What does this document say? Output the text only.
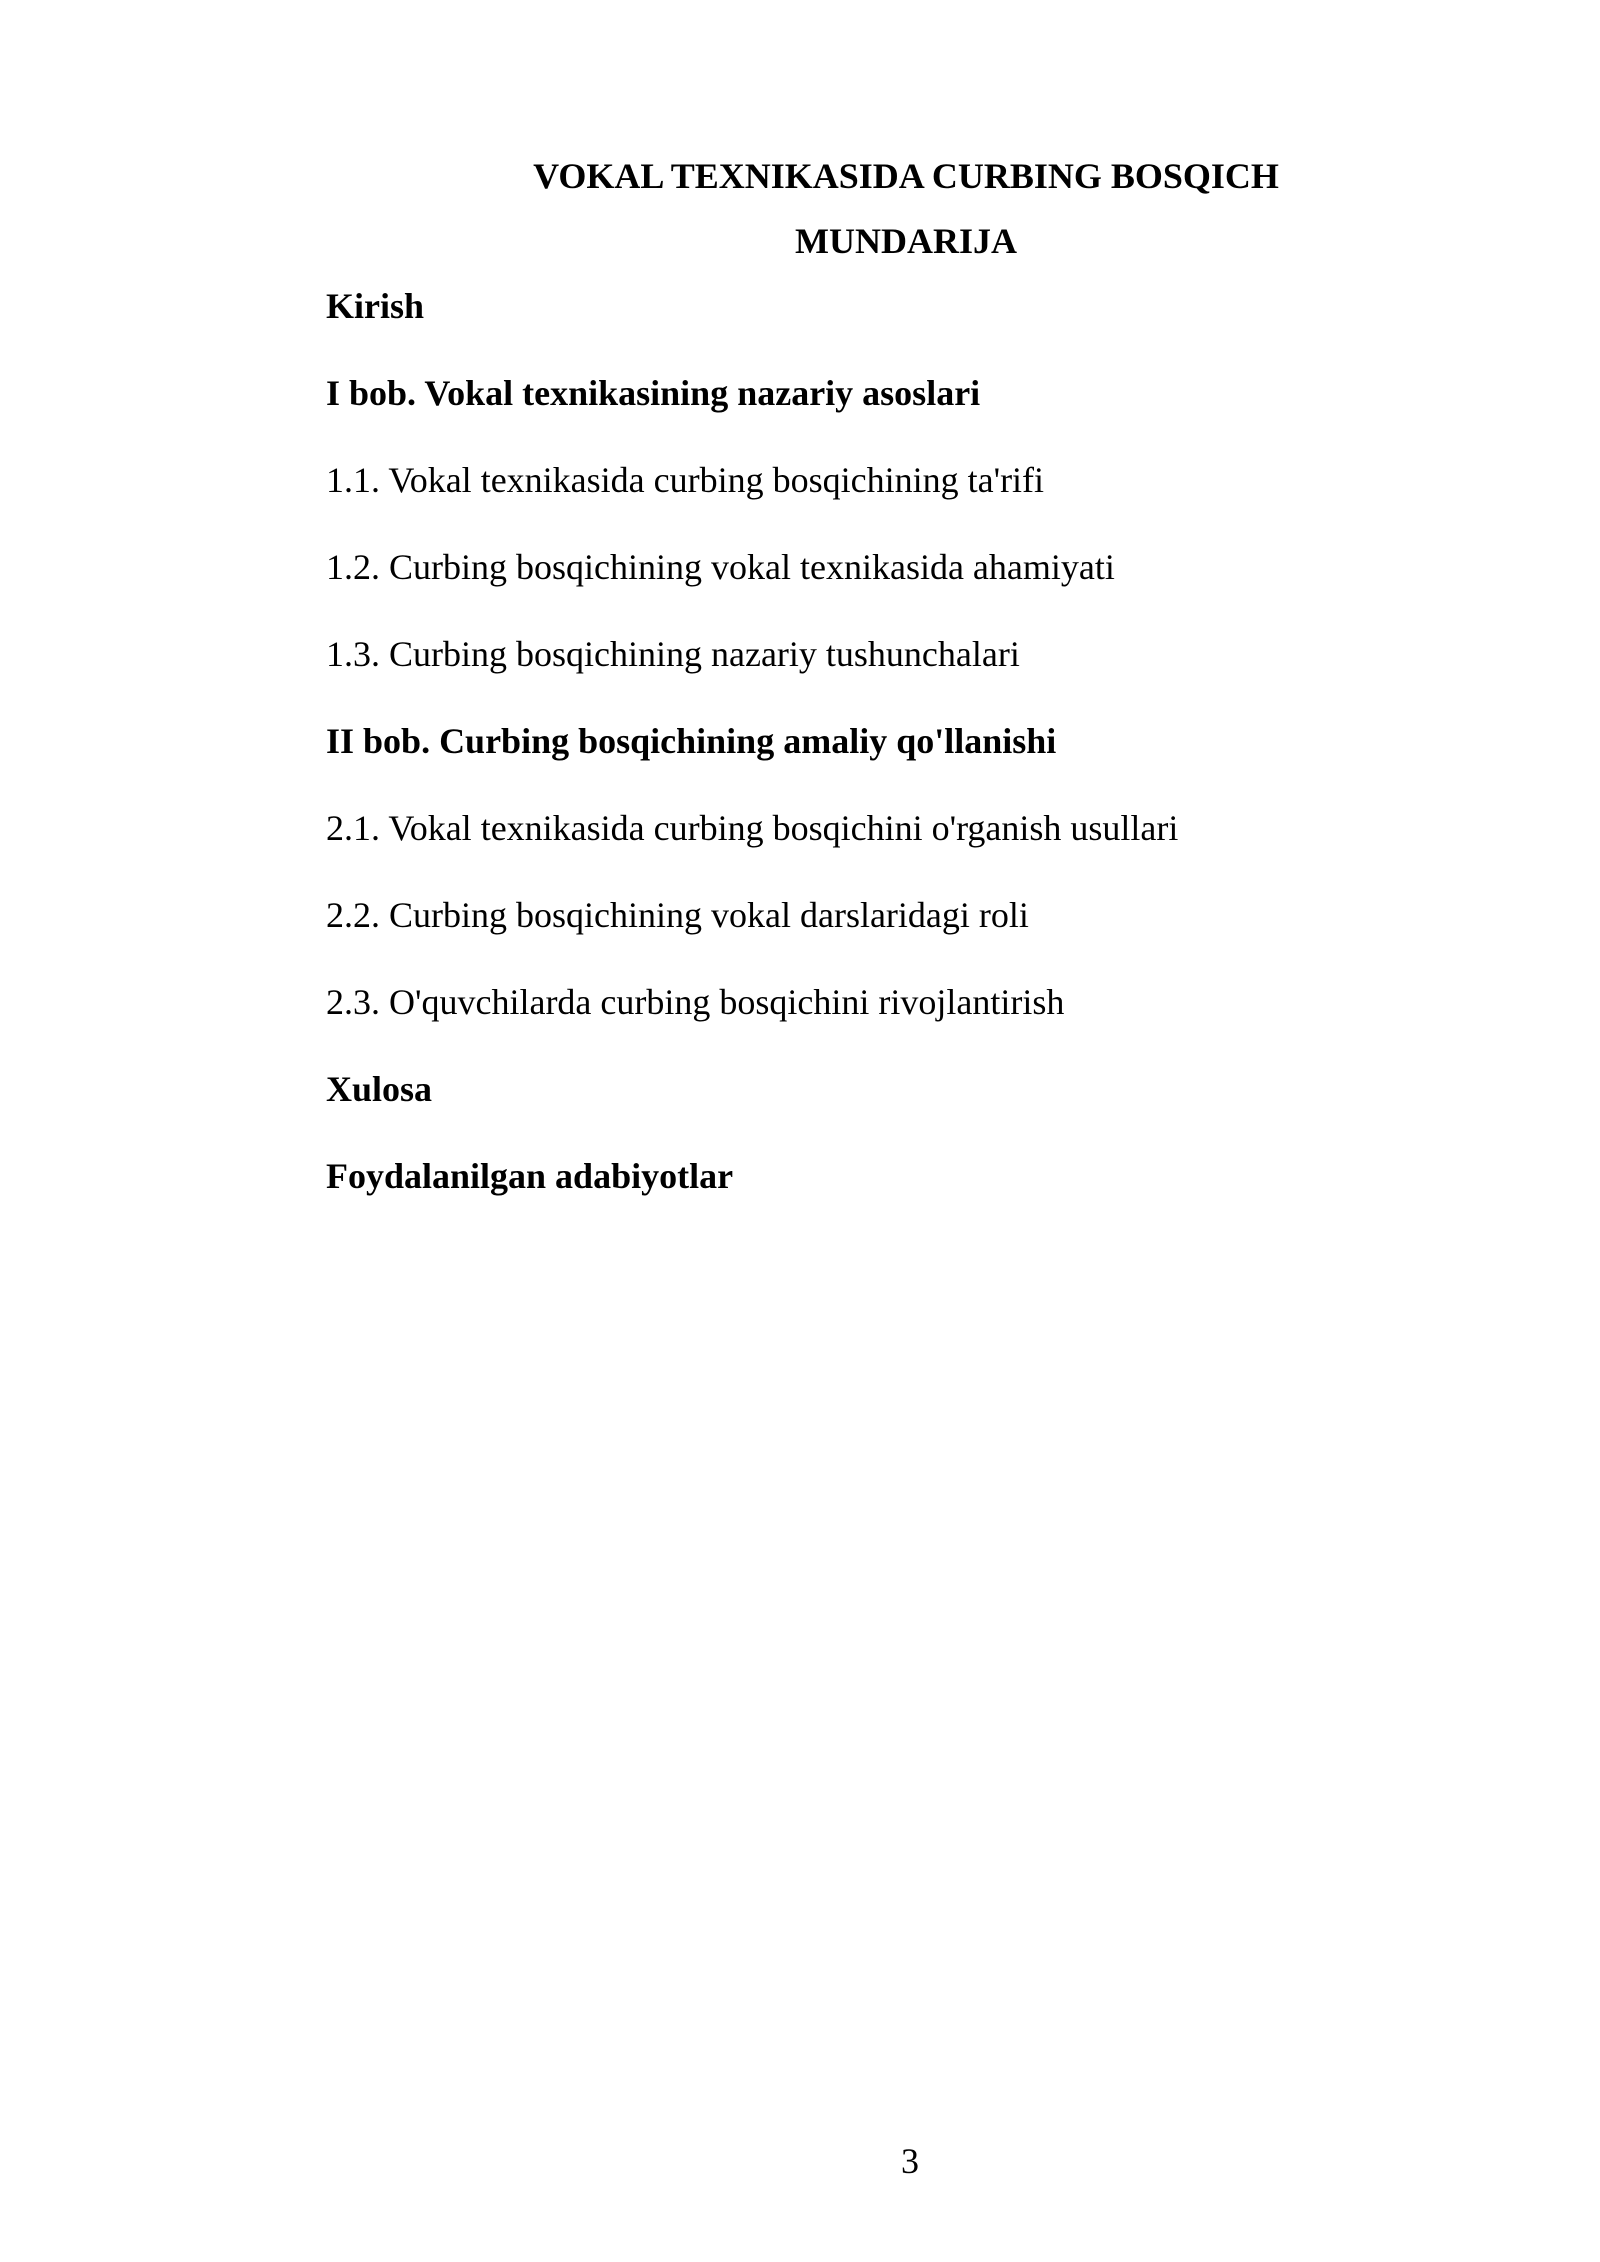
VOKAL TEXNIKASIDA CURBING BOSQICH
MUNDARIJA
Kirish
I bob. Vokal texnikasining nazariy asoslari
1.1. Vokal texnikasida curbing bosqichining ta'rifi
1.2. Curbing bosqichining vokal texnikasida ahamiyati
1.3. Curbing bosqichining nazariy tushunchalari
II bob. Curbing bosqichining amaliy qo'llanishi
2.1. Vokal texnikasida curbing bosqichini o'rganish usullari
2.2. Curbing bosqichining vokal darslaridagi roli
2.3. O'quvchilarda curbing bosqichini rivojlantirish
Xulosa
Foydalanilgan adabiyotlar
3
